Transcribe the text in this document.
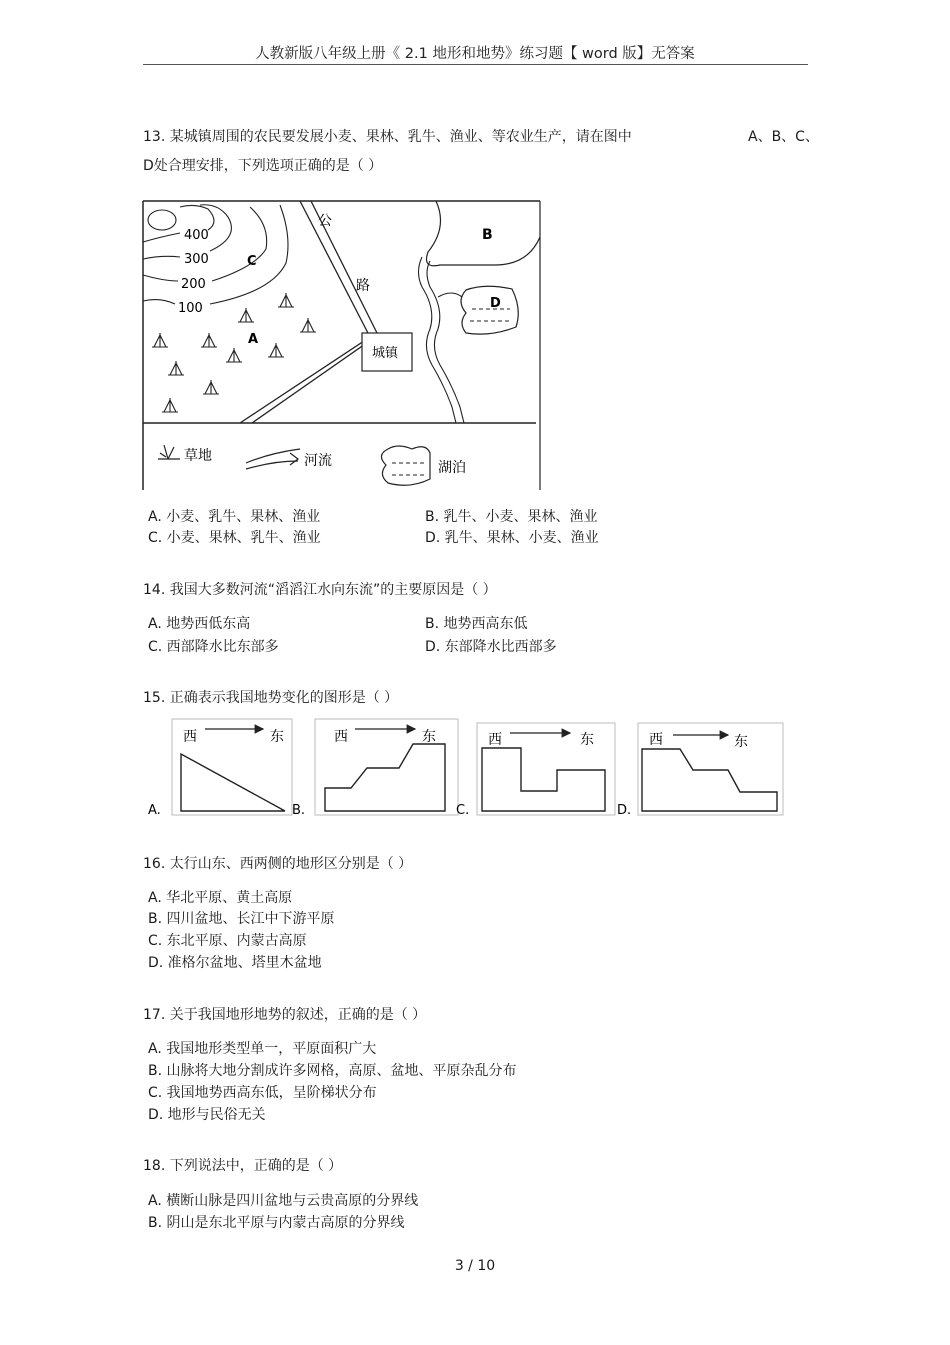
人教新版八年级上册《 2.1 地形和地势》练习题【 word 版】无答案
13. 某城镇周围的农民要发展小麦、果林、乳牛、渔业、等农业生产，请在图中	A、B、C、
D处合理安排，下列选项正确的是（ ）
400
300
200
100
C
A
公
路
城镇
B
D
草地	河流	湖泊
A. 小麦、乳牛、果林、渔业	B. 乳牛、小麦、果林、渔业
C. 小麦、果林、乳牛、渔业	D. 乳牛、果林、小麦、渔业
14. 我国大多数河流“滔滔江水向东流”的主要原因是（ ）
A. 地势西低东高	B. 地势西高东低
C. 西部降水比东部多	D. 东部降水比西部多
15. 正确表示我国地势变化的图形是（ ）
西	东
A.
西	东
B.
西	东
C.
西	东
D.
16. 太行山东、西两侧的地形区分别是（ ）
A. 华北平原、黄土高原
B. 四川盆地、长江中下游平原
C. 东北平原、内蒙古高原
D. 准格尔盆地、塔里木盆地
17. 关于我国地形地势的叙述，正确的是（ ）
A. 我国地形类型单一，平原面积广大
B. 山脉将大地分割成许多网格，高原、盆地、平原杂乱分布
C. 我国地势西高东低，呈阶梯状分布
D. 地形与民俗无关
18. 下列说法中，正确的是（ ）
A. 横断山脉是四川盆地与云贵高原的分界线
B. 阴山是东北平原与内蒙古高原的分界线
3 / 10
